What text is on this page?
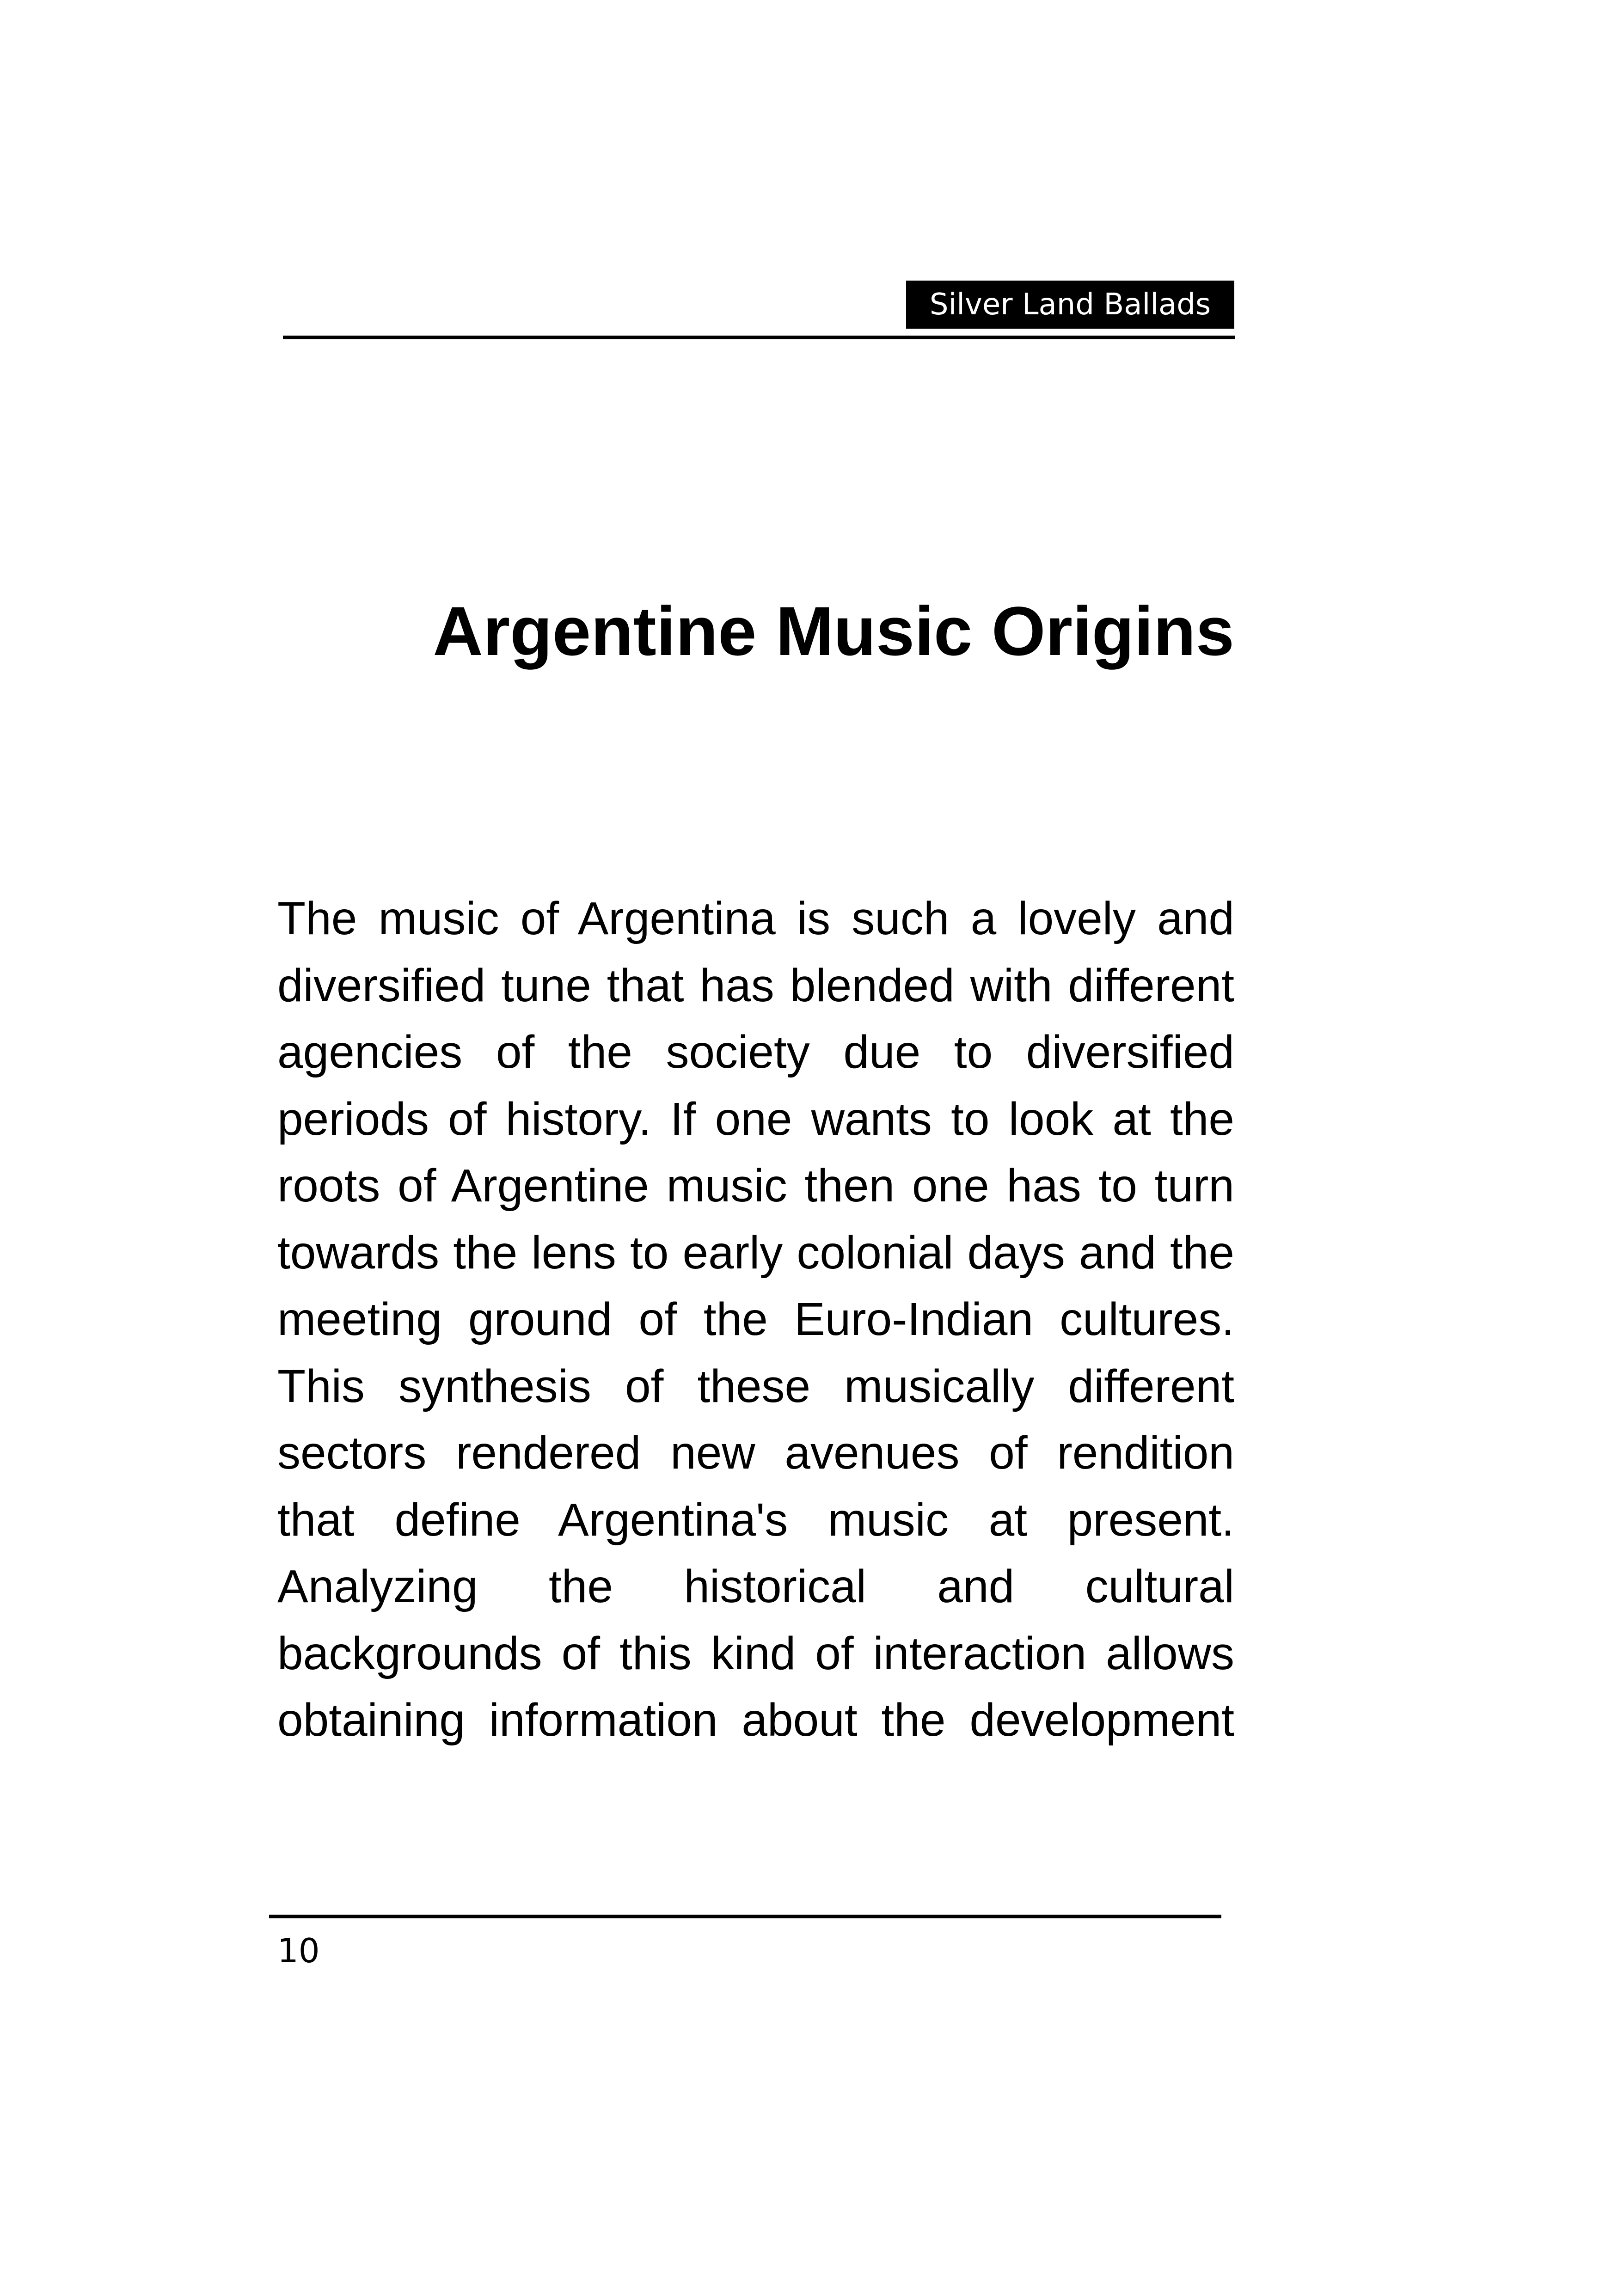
Silver Land Ballads
Argentine Music Origins

The music of Argentina is such a lovely and diversified tune that has blended with different agencies of the society due to diversified periods of history. If one wants to look at the roots of Argentine music then one has to turn towards the lens to early colonial days and the meeting ground of the Euro-Indian cultures. This synthesis of these musically different sectors rendered new avenues of rendition that define Argentina's music at present. Analyzing the historical and cultural backgrounds of this kind of interaction allows obtaining information about the development

10
